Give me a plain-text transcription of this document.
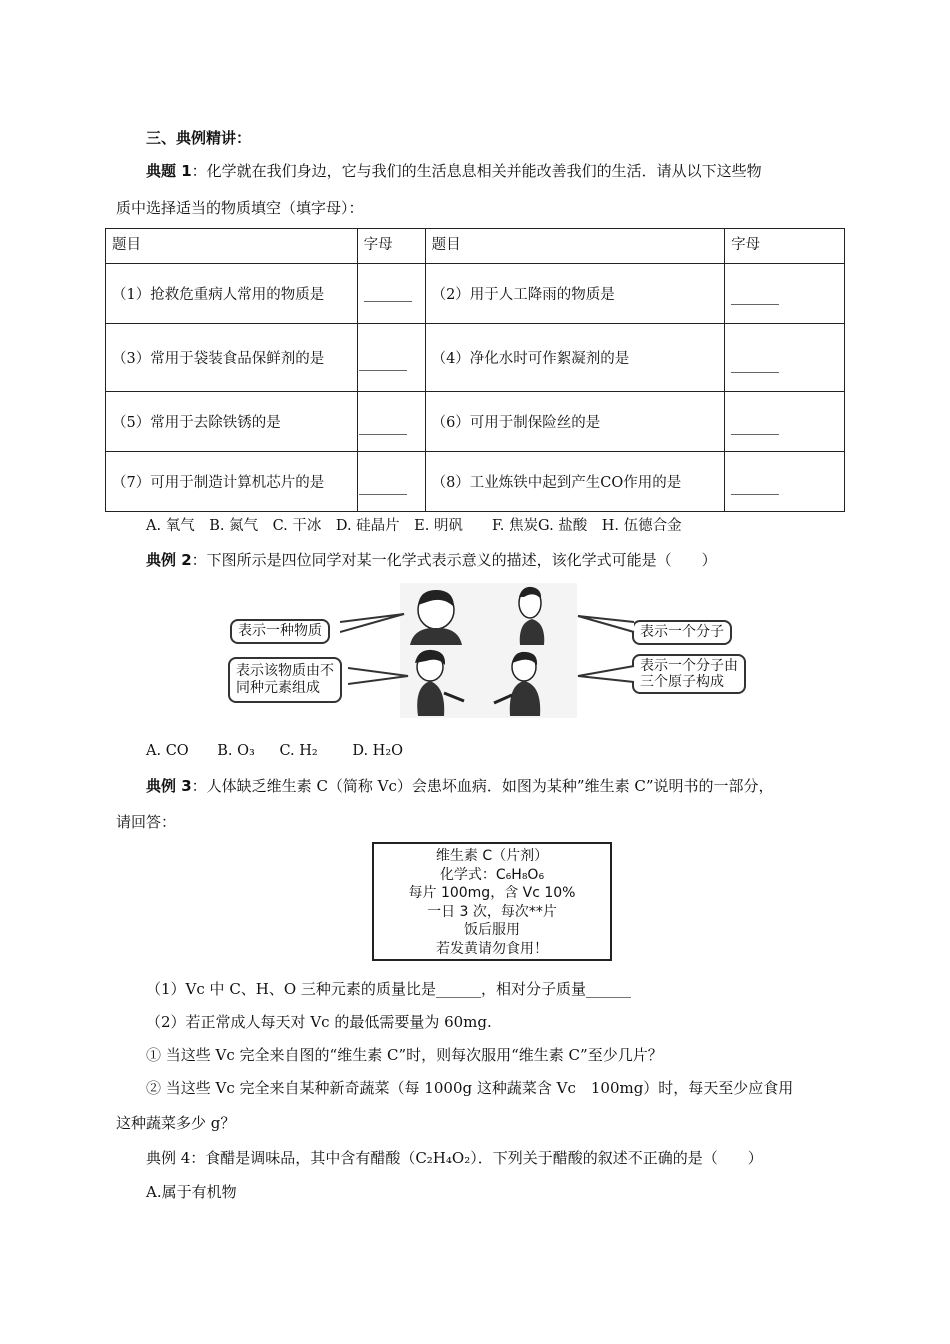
三、典例精讲：
典题 1：化学就在我们身边，它与我们的生活息息相关并能改善我们的生活．请从以下这些物
质中选择适当的物质填空（填字母）：
题目	字母	题目	字母
（1）抢救危重病人常用的物质是		（2）用于人工降雨的物质是	
（3）常用于袋装食品保鲜剂的是		（4）净化水时可作絮凝剂的是	
（5）常用于去除铁锈的是		（6）可用于制保险丝的是	
（7）可用于制造计算机芯片的是		（8）工业炼铁中起到产生CO作用的是	
A. 氧气　B. 氮气　C. 干冰　D. 硅晶片　E. 明矾　　F. 焦炭G. 盐酸　H. 伍德合金
典例 2：下图所示是四位同学对某一化学式表示意义的描述，该化学式可能是（　　）
表示一种物质	表示一个分子
表示该物质由不
同种元素组成
表示一个分子由
三个原子构成
A. CO B. O₃ C. H₂ D. H₂O
典例 3：人体缺乏维生素 C（简称 Vc）会患坏血病．如图为某种”维生素 C”说明书的一部分，
请回答：
维生素 C（片剂）
化学式：C₆H₈O₆
每片 100mg，含 Vc 10%
一日 3 次，每次**片
饭后服用
若发黄请勿食用！
（1）Vc 中 C、H、O 三种元素的质量比是______，相对分子质量______
（2）若正常成人每天对 Vc 的最低需要量为 60mg.
① 当这些 Vc 完全来自图的“维生素 C”时，则每次服用“维生素 C”至少几片？
② 当这些 Vc 完全来自某种新奇蔬菜（每 1000g 这种蔬菜含 Vc　100mg）时，每天至少应食用
这种蔬菜多少 g？
典例 4：食醋是调味品，其中含有醋酸（C₂H₄O₂）．下列关于醋酸的叙述不正确的是（　　）
A.属于有机物
